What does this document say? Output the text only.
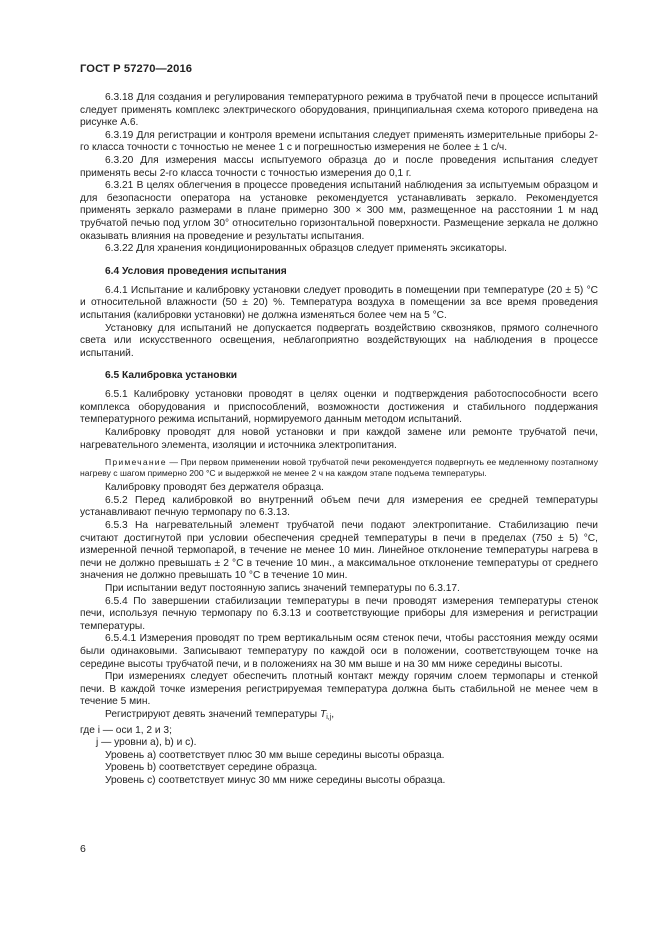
ГОСТ Р 57270—2016

6.3.18 Для создания и регулирования температурного режима в трубчатой печи в процессе испытаний следует применять комплекс электрического оборудования, принципиальная схема которого приведена на рисунке А.6.

6.3.19 Для регистрации и контроля времени испытания следует применять измерительные приборы 2-го класса точности с точностью не менее 1 с и погрешностью измерения не более ± 1 с/ч.

6.3.20 Для измерения массы испытуемого образца до и после проведения испытания следует применять весы 2-го класса точности с точностью измерения до 0,1 г.

6.3.21 В целях облегчения в процессе проведения испытаний наблюдения за испытуемым образцом и для безопасности оператора на установке рекомендуется устанавливать зеркало. Рекомендуется применять зеркало размерами в плане примерно 300 × 300 мм, размещенное на расстоянии 1 м над трубчатой печью под углом 30° относительно горизонтальной поверхности. Размещение зеркала не должно оказывать влияния на проведение и результаты испытания.

6.3.22 Для хранения кондиционированных образцов следует применять эксикаторы.

6.4 Условия проведения испытания

6.4.1 Испытание и калибровку установки следует проводить в помещении при температуре (20 ± 5) °С и относительной влажности (50 ± 20) %. Температура воздуха в помещении за все время проведения испытания (калибровки установки) не должна изменяться более чем на 5 °С.

Установку для испытаний не допускается подвергать воздействию сквозняков, прямого солнечного света или искусственного освещения, неблагоприятно воздействующих на наблюдения в процессе испытаний.

6.5 Калибровка установки

6.5.1 Калибровку установки проводят в целях оценки и подтверждения работоспособности всего комплекса оборудования и приспособлений, возможности достижения и стабильного поддержания температурного режима испытаний, нормируемого данным методом испытаний.

Калибровку проводят для новой установки и при каждой замене или ремонте трубчатой печи, нагревательного элемента, изоляции и источника электропитания.

Примечание — При первом применении новой трубчатой печи рекомендуется подвергнуть ее медленному поэтапному нагреву с шагом примерно 200 °С и выдержкой не менее 2 ч на каждом этапе подъема температуры.

Калибровку проводят без держателя образца.

6.5.2 Перед калибровкой во внутренний объем печи для измерения ее средней температуры устанавливают печную термопару по 6.3.13.

6.5.3 На нагревательный элемент трубчатой печи подают электропитание. Стабилизацию печи считают достигнутой при условии обеспечения средней температуры в печи в пределах (750 ± 5) °С, измеренной печной термопарой, в течение не менее 10 мин. Линейное отклонение температуры нагрева в печи не должно превышать ± 2 °С в течение 10 мин., а максимальное отклонение температуры от среднего значения не должно превышать 10 °С в течение 10 мин.

При испытании ведут постоянную запись значений температуры по 6.3.17.

6.5.4 По завершении стабилизации температуры в печи проводят измерения температуры стенок печи, используя печную термопару по 6.3.13 и соответствующие приборы для измерения и регистрации температуры.

6.5.4.1 Измерения проводят по трем вертикальным осям стенок печи, чтобы расстояния между осями были одинаковыми. Записывают температуру по каждой оси в положении, соответствующем точке на середине высоты трубчатой печи, и в положениях на 30 мм выше и на 30 мм ниже середины высоты.

При измерениях следует обеспечить плотный контакт между горячим слоем термопары и стенкой печи. В каждой точке измерения регистрируемая температура должна быть стабильной не менее чем в течение 5 мин.

Регистрируют девять значений температуры $T_{i,j}$,

где i — оси 1, 2 и 3;

j — уровни a), b) и c).

Уровень a) соответствует плюс 30 мм выше середины высоты образца.

Уровень b) соответствует середине образца.

Уровень c) соответствует минус 30 мм ниже середины высоты образца.

6
